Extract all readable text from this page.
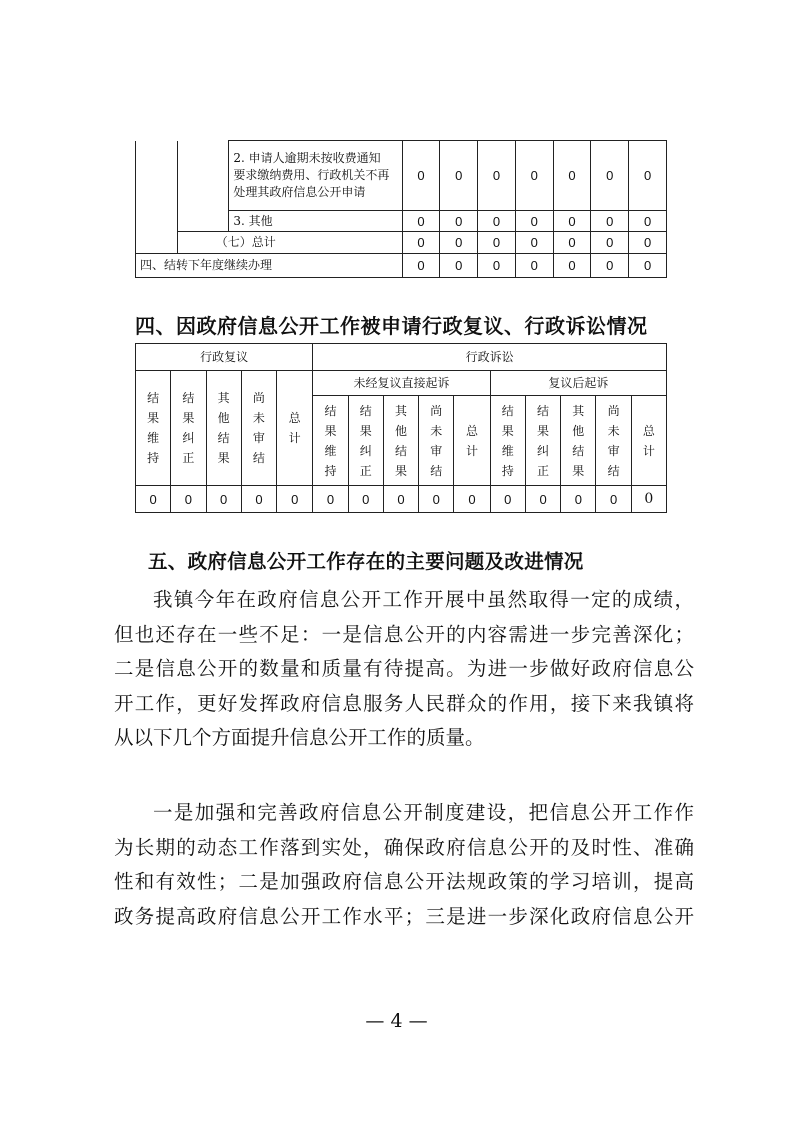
		2. 申请人逾期未按收费通知
要求缴纳费用、行政机关不再
处理其政府信息公开申请	0	0	0	0	0	0	0
		3. 其他	0	0	0	0	0	0	0
	（七）总计		0	0	0	0	0	0	0
四、结转下年度继续办理			0	0	0	0	0	0	0
四、因政府信息公开工作被申请行政复议、行政诉讼情况
行政复议					行政诉讼									
结果维持	结果纠正	其他结果	尚未审结	总计	未经复议直接起诉					复议后起诉				
					结果维持	结果纠正	其他结果	尚未审结	总计	结果维持	结果纠正	其他结果	尚未审结	总计
0	0	0	0	0	0	0	0	0	0	0	0	0	0	0
五、政府信息公开工作存在的主要问题及改进情况
我镇今年在政府信息公开工作开展中虽然取得一定的成绩，
但也还存在一些不足：一是信息公开的内容需进一步完善深化；
二是信息公开的数量和质量有待提高。为进一步做好政府信息公
开工作，更好发挥政府信息服务人民群众的作用，接下来我镇将
从以下几个方面提升信息公开工作的质量。
一是加强和完善政府信息公开制度建设，把信息公开工作作
为长期的动态工作落到实处，确保政府信息公开的及时性、准确
性和有效性；二是加强政府信息公开法规政策的学习培训，提高
政务提高政府信息公开工作水平；三是进一步深化政府信息公开
— 4 —
